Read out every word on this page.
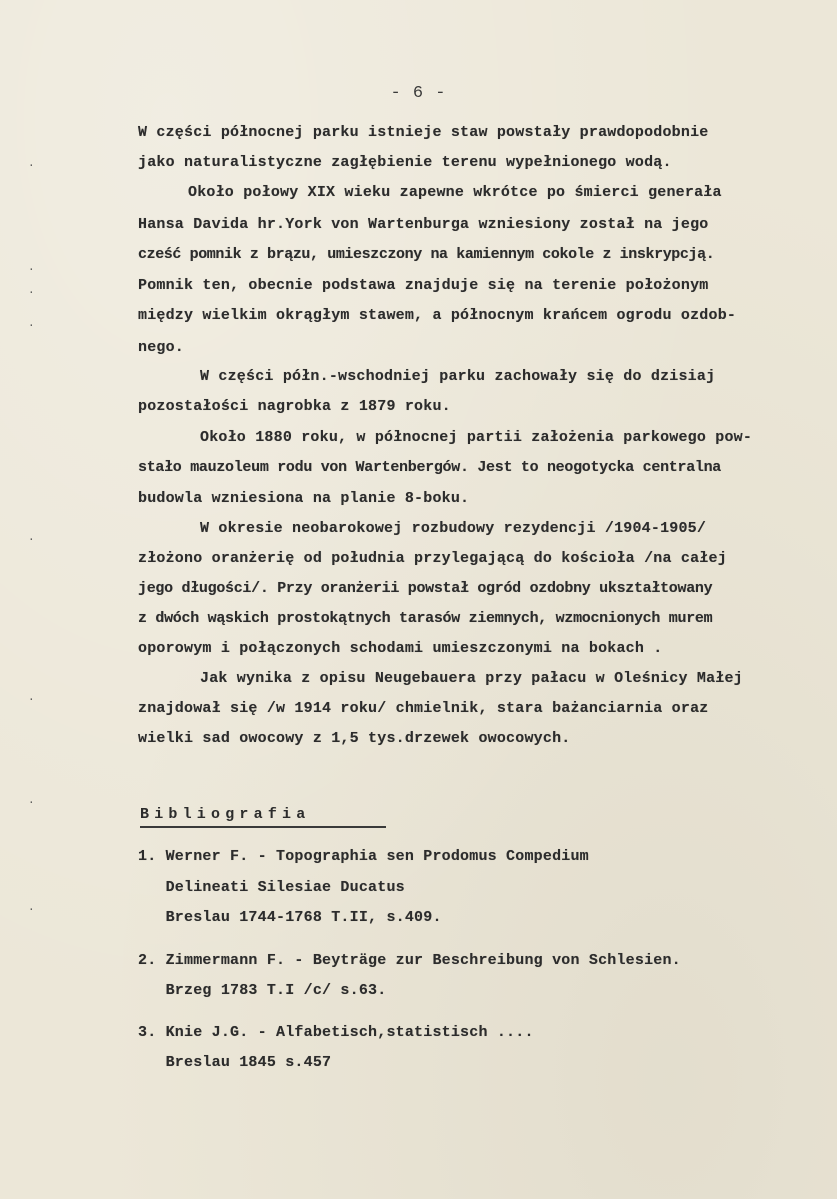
- 6 -
.
.
.
.
.
.
.
.
W części północnej parku istnieje staw powstały prawdopodobnie
jako naturalistyczne zagłębienie terenu wypełnionego wodą.
Około połowy XIX wieku zapewne wkrótce po śmierci generała
Hansa Davida hr.York von Wartenburga wzniesiony został na jego
cześć pomnik z brązu, umieszczony na kamiennym cokole z inskrypcją.
Pomnik ten, obecnie podstawa znajduje się na terenie położonym
między wielkim okrągłym stawem, a północnym krańcem ogrodu ozdob-
nego.
W części półn.-wschodniej parku zachowały się do dzisiaj
pozostałości nagrobka z 1879 roku.
Około 1880 roku, w północnej partii założenia parkowego pow-
stało mauzoleum rodu von Wartenbergów. Jest to neogotycka centralna
budowla wzniesiona na planie 8-boku.
W okresie neobarokowej rozbudowy rezydencji /1904-1905/
złożono oranżerię od południa przylegającą do kościoła /na całej
jego długości/. Przy oranżerii powstał ogród ozdobny ukształtowany
z dwóch wąskich prostokątnych tarasów ziemnych, wzmocnionych murem
oporowym i połączonych schodami umieszczonymi na bokach .
Jak wynika z opisu Neugebauera przy pałacu w Oleśnicy Małej
znajdował się /w 1914 roku/ chmielnik, stara bażanciarnia oraz
wielki sad owocowy z 1,5 tys.drzewek owocowych.
Bibliografia
1. Werner F. - Topographia sen Prodomus Compedium
Delineati Silesiae Ducatus
Breslau 1744-1768 T.II, s.409.
2. Zimmermann F. - Beyträge zur Beschreibung von Schlesien.
Brzeg 1783 T.I /c/ s.63.
3. Knie J.G. - Alfabetisch,statistisch ....
Breslau 1845 s.457
